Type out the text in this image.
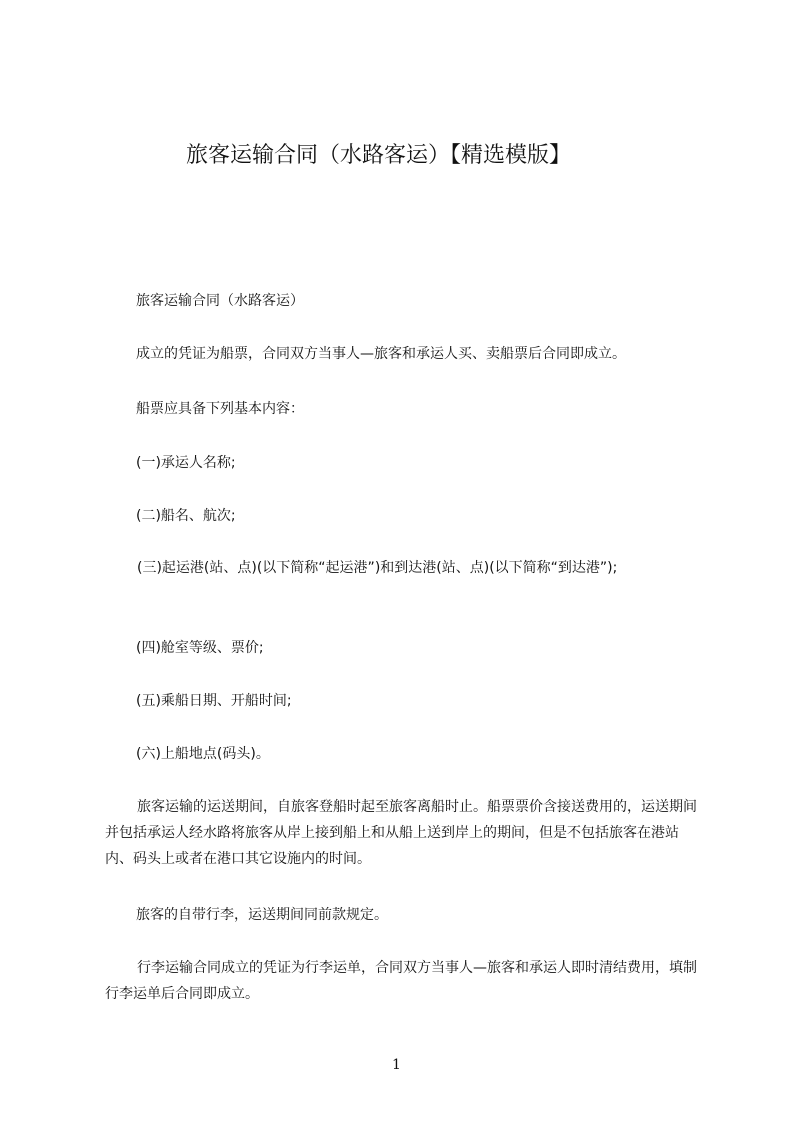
旅客运输合同（水路客运）【精选模版】
旅客运输合同（水路客运）
成立的凭证为船票，合同双方当事人—旅客和承运人买、卖船票后合同即成立。
船票应具备下列基本内容：
(一)承运人名称;
(二)船名、航次;
(三)起运港(站、点)(以下简称“起运港”)和到达港(站、点)(以下简称“到达港”);
(四)舱室等级、票价;
(五)乘船日期、开船时间;
(六)上船地点(码头)。
旅客运输的运送期间，自旅客登船时起至旅客离船时止。船票票价含接送费用的，运送期间并包括承运人经水路将旅客从岸上接到船上和从船上送到岸上的期间，但是不包括旅客在港站内、码头上或者在港口其它设施内的时间。
旅客的自带行李，运送期间同前款规定。
行李运输合同成立的凭证为行李运单，合同双方当事人—旅客和承运人即时清结费用，填制行李运单后合同即成立。
1
